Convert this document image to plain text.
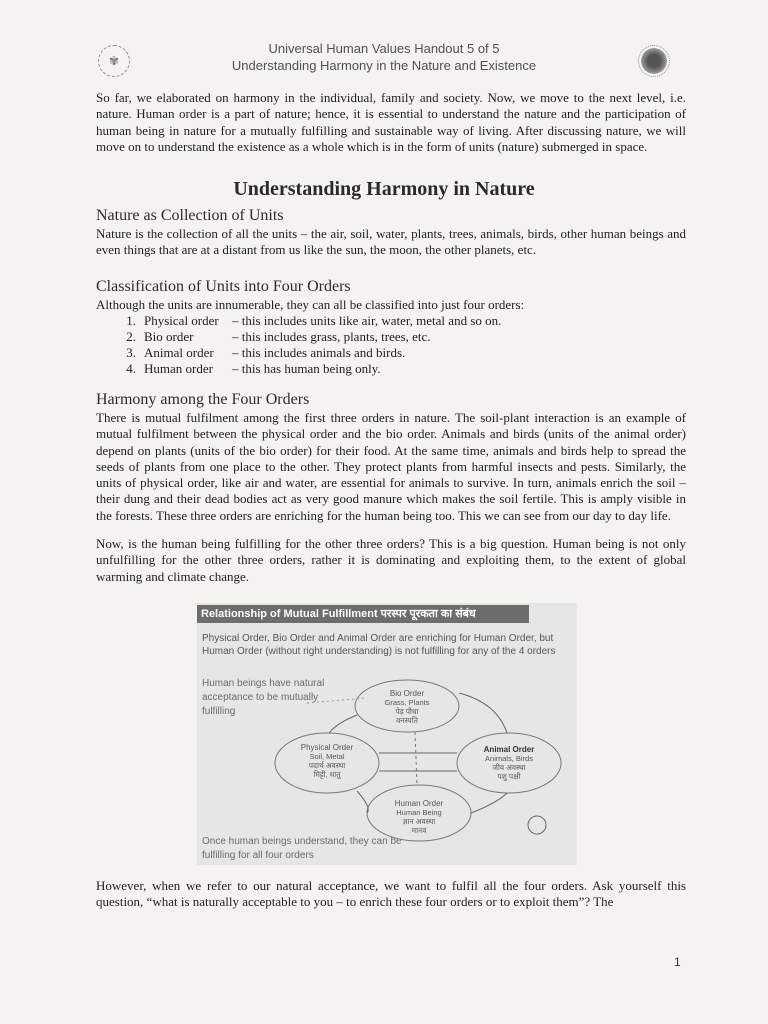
✾
Universal Human Values Handout 5 of 5
Understanding Harmony in the Nature and Existence

So far, we elaborated on harmony in the individual, family and society. Now, we move to the next level, i.e. nature. Human order is a part of nature; hence, it is essential to understand the nature and the participation of human being in nature for a mutually fulfilling and sustainable way of living. After discussing nature, we will move on to understand the existence as a whole which is in the form of units (nature) submerged in space.

Understanding Harmony in Nature
Nature as Collection of Units

Nature is the collection of all the units – the air, soil, water, plants, trees, animals, birds, other human beings and even things that are at a distant from us like the sun, the moon, the other planets, etc.

Classification of Units into Four Orders

Although the units are innumerable, they can all be classified into just four orders:

1. Physical order	– this includes units like air, water, metal and so on.
2. Bio order	– this includes grass, plants, trees, etc.
3. Animal order	– this includes animals and birds.
4. Human order	– this has human being only.
Harmony among the Four Orders

There is mutual fulfilment among the first three orders in nature. The soil-plant interaction is an example of mutual fulfilment between the physical order and the bio order. Animals and birds (units of the animal order) depend on plants (units of the bio order) for their food. At the same time, animals and birds help to spread the seeds of plants from one place to the other. They protect plants from harmful insects and pests. Similarly, the units of physical order, like air and water, are essential for animals to survive. In turn, animals enrich the soil – their dung and their dead bodies act as very good manure which makes the soil fertile. This is amply visible in the forests. These three orders are enriching for the human being too. This we can see from our day to day life.

Now, is the human being fulfilling for the other three orders? This is a big question. Human being is not only unfulfilling for the other three orders, rather it is dominating and exploiting them, to the extent of global warming and climate change.

Relationship of Mutual Fulfillment परस्पर पूरकता का संबंध
Physical Order, Bio Order and Animal Order are enriching for Human Order, but Human Order (without right understanding) is not fulfilling for any of the 4 orders
Human beings have natural acceptance to be mutually fulfilling
Once human beings understand, they can be fulfilling for all four orders
Bio Order
Grass, Plants
पेड़ पौधा
वनस्पति
Physical Order
Soil, Metal
पदार्थ अवस्था
मिट्टी, धातु
Animal Order
Animals, Birds
जीव अवस्था
पशु पक्षी
Human Order
Human Being
ज्ञान अवस्था
मानव

However, when we refer to our natural acceptance, we want to fulfil all the four orders. Ask yourself this question, “what is naturally acceptable to you – to enrich these four orders or to exploit them”? The

1
